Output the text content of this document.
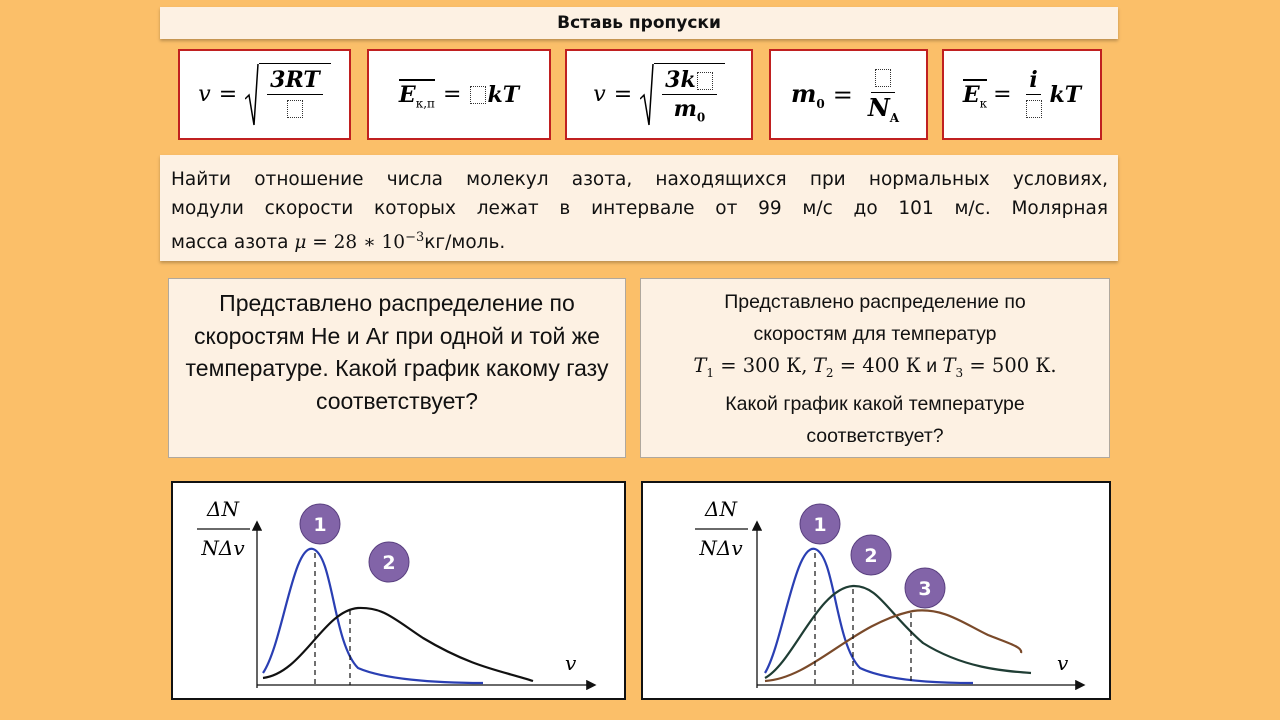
Вставь пропуски
v =
3RT
$E_{к,п}$ = kT	$v = \frac{3k}{m_0}$	$m_0 = N_A$
$E_к$ =
i
kT
Найти отношение числа молекул азота, находящихся при нормальных условиях,
модули скорости которых лежат в интервале от 99 м/с до 101 м/с. Молярная
масса азота μ = 28 ∗ $10^{-3}кг$/моль.
Представлено распределение по скоростям He и Ar при одной и той же температуре. Какой график какому газу соответствует?
Представлено распределение по
скоростям для температур
$T_1 = 300$ К, $T_2 = 400$ К и $T_3 = 500$ К.
Какой график какой температуре
соответствует?
ΔN
NΔv
v
1
2
ΔN
NΔv
v
1
2
3
